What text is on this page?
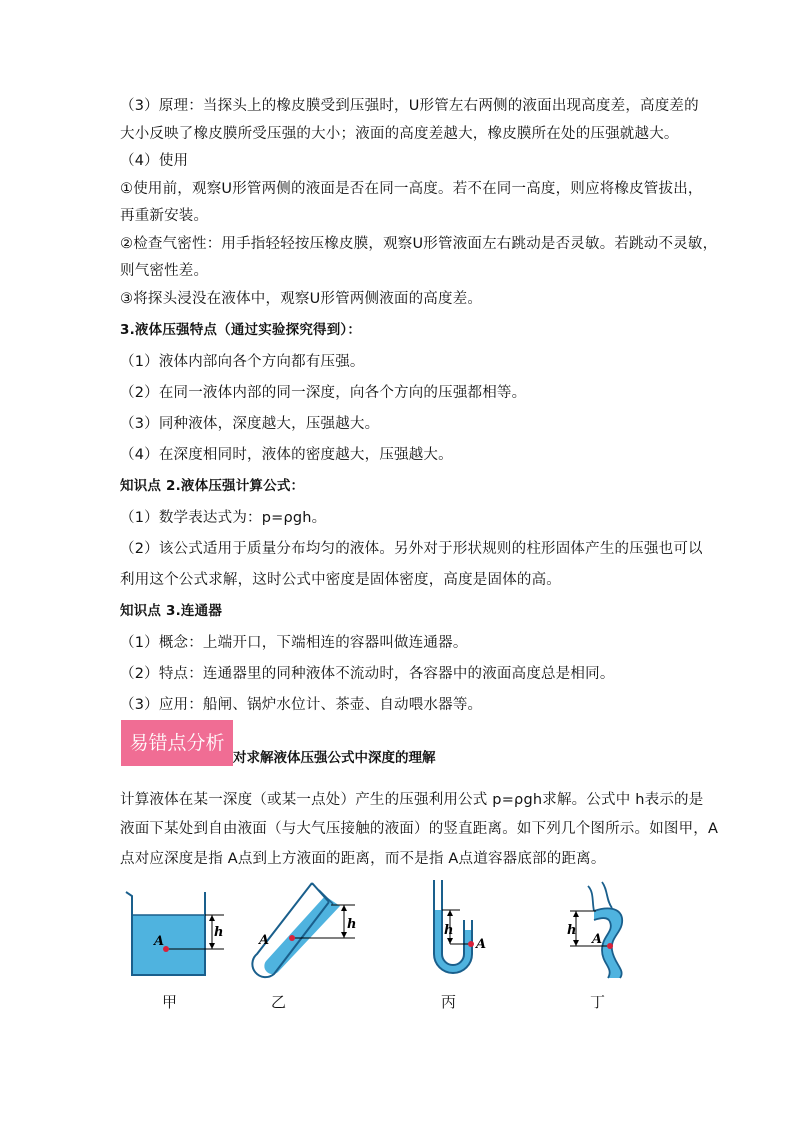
（3）原理：当探头上的橡皮膜受到压强时，U形管左右两侧的液面出现高度差，高度差的
大小反映了橡皮膜所受压强的大小；液面的高度差越大，橡皮膜所在处的压强就越大。
（4）使用
①使用前，观察U形管两侧的液面是否在同一高度。若不在同一高度，则应将橡皮管拔出，
再重新安装。
②检查气密性：用手指轻轻按压橡皮膜，观察U形管液面左右跳动是否灵敏。若跳动不灵敏，
则气密性差。
③将探头浸没在液体中，观察U形管两侧液面的高度差。
3.液体压强特点（通过实验探究得到）：
（1）液体内部向各个方向都有压强。
（2）在同一液体内部的同一深度，向各个方向的压强都相等。
（3）同种液体，深度越大，压强越大。
（4）在深度相同时，液体的密度越大，压强越大。
知识点 2.液体压强计算公式：
（1）数学表达式为：p=ρgh。
（2）该公式适用于质量分布均匀的液体。另外对于形状规则的柱形固体产生的压强也可以
利用这个公式求解，这时公式中密度是固体密度，高度是固体的高。
知识点 3.连通器
（1）概念：上端开口，下端相连的容器叫做连通器。
（2）特点：连通器里的同种液体不流动时，各容器中的液面高度总是相同。
（3）应用：船闸、锅炉水位计、茶壶、自动喂水器等。
易错点分析
对求解液体压强公式中深度的理解
计算液体在某一深度（或某一点处）产生的压强利用公式 p=ρgh求解。公式中 h表示的是
液面下某处到自由液面（与大气压接触的液面）的竖直距离。如下列几个图所示。如图甲，A
点对应深度是指 A点到上方液面的距离，而不是指 A点道容器底部的距离。
A
h
甲
A
h
乙
A
h
丙
A
h
丁
